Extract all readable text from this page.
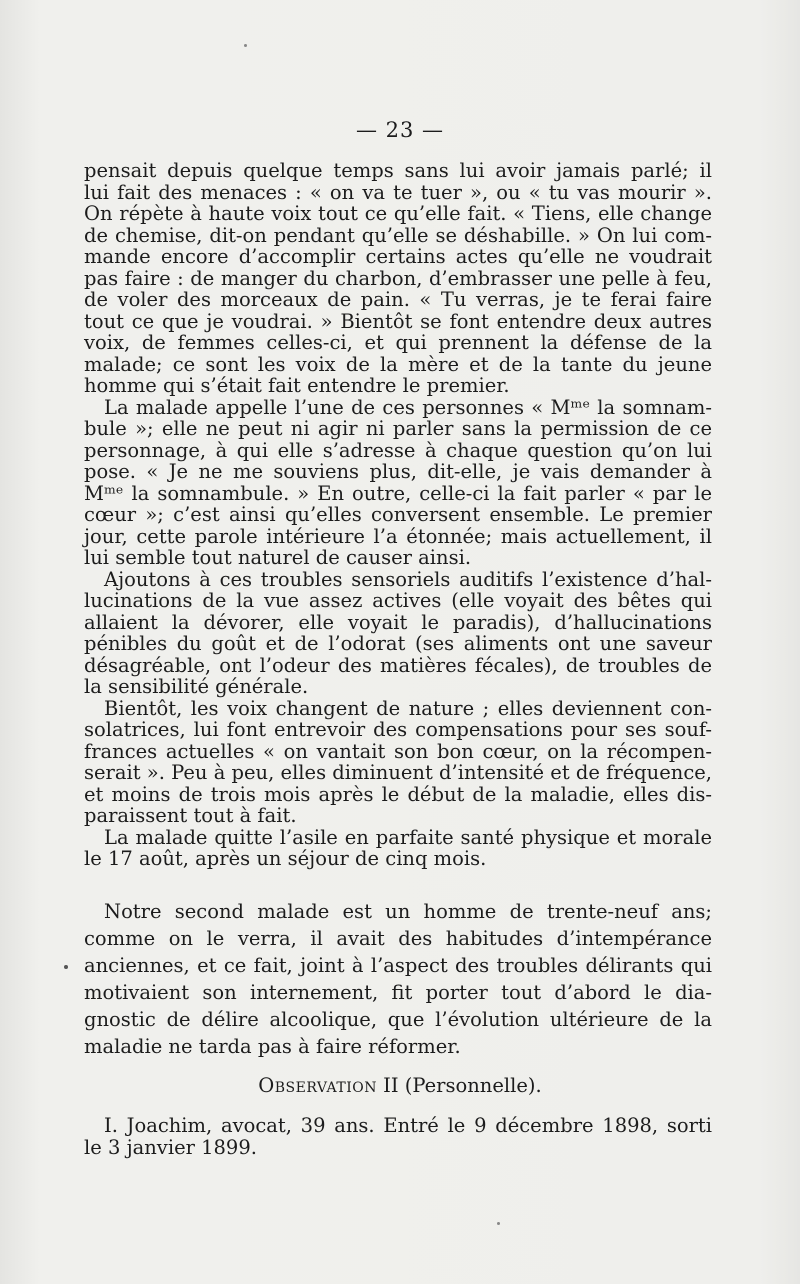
— 23 —
pensait depuis quelque temps sans lui avoir jamais parlé; il
lui fait des menaces : « on va te tuer », ou « tu vas mourir ».
On répète à haute voix tout ce qu’elle fait. « Tiens, elle change
de chemise, dit-on pendant qu’elle se déshabille. » On lui com-
mande encore d’accomplir certains actes qu’elle ne voudrait
pas faire : de manger du charbon, d’embrasser une pelle à feu,
de voler des morceaux de pain. « Tu verras, je te ferai faire
tout ce que je voudrai. » Bientôt se font entendre deux autres
voix, de femmes celles-ci, et qui prennent la défense de la
malade; ce sont les voix de la mère et de la tante du jeune
homme qui s’était fait entendre le premier.
La malade appelle l’une de ces personnes « Mᵐᵉ la somnam-
bule »; elle ne peut ni agir ni parler sans la permission de ce
personnage, à qui elle s’adresse à chaque question qu’on lui
pose. « Je ne me souviens plus, dit-elle, je vais demander à
Mᵐᵉ la somnambule. » En outre, celle-ci la fait parler « par le
cœur »; c’est ainsi qu’elles conversent ensemble. Le premier
jour, cette parole intérieure l’a étonnée; mais actuellement, il
lui semble tout naturel de causer ainsi.
Ajoutons à ces troubles sensoriels auditifs l’existence d’hal-
lucinations de la vue assez actives (elle voyait des bêtes qui
allaient la dévorer, elle voyait le paradis), d’hallucinations
pénibles du goût et de l’odorat (ses aliments ont une saveur
désagréable, ont l’odeur des matières fécales), de troubles de
la sensibilité générale.
Bientôt, les voix changent de nature ; elles deviennent con-
solatrices, lui font entrevoir des compensations pour ses souf-
frances actuelles « on vantait son bon cœur, on la récompen-
serait ». Peu à peu, elles diminuent d’intensité et de fréquence,
et moins de trois mois après le début de la maladie, elles dis-
paraissent tout à fait.
La malade quitte l’asile en parfaite santé physique et morale
le 17 août, après un séjour de cinq mois.
Notre second malade est un homme de trente-neuf ans;
comme on le verra, il avait des habitudes d’intempérance
anciennes, et ce fait, joint à l’aspect des troubles délirants qui
motivaient son internement, fit porter tout d’abord le dia-
gnostic de délire alcoolique, que l’évolution ultérieure de la
maladie ne tarda pas à faire réformer.
Observation II (Personnelle).
I. Joachim, avocat, 39 ans. Entré le 9 décembre 1898, sorti
le 3 janvier 1899.
